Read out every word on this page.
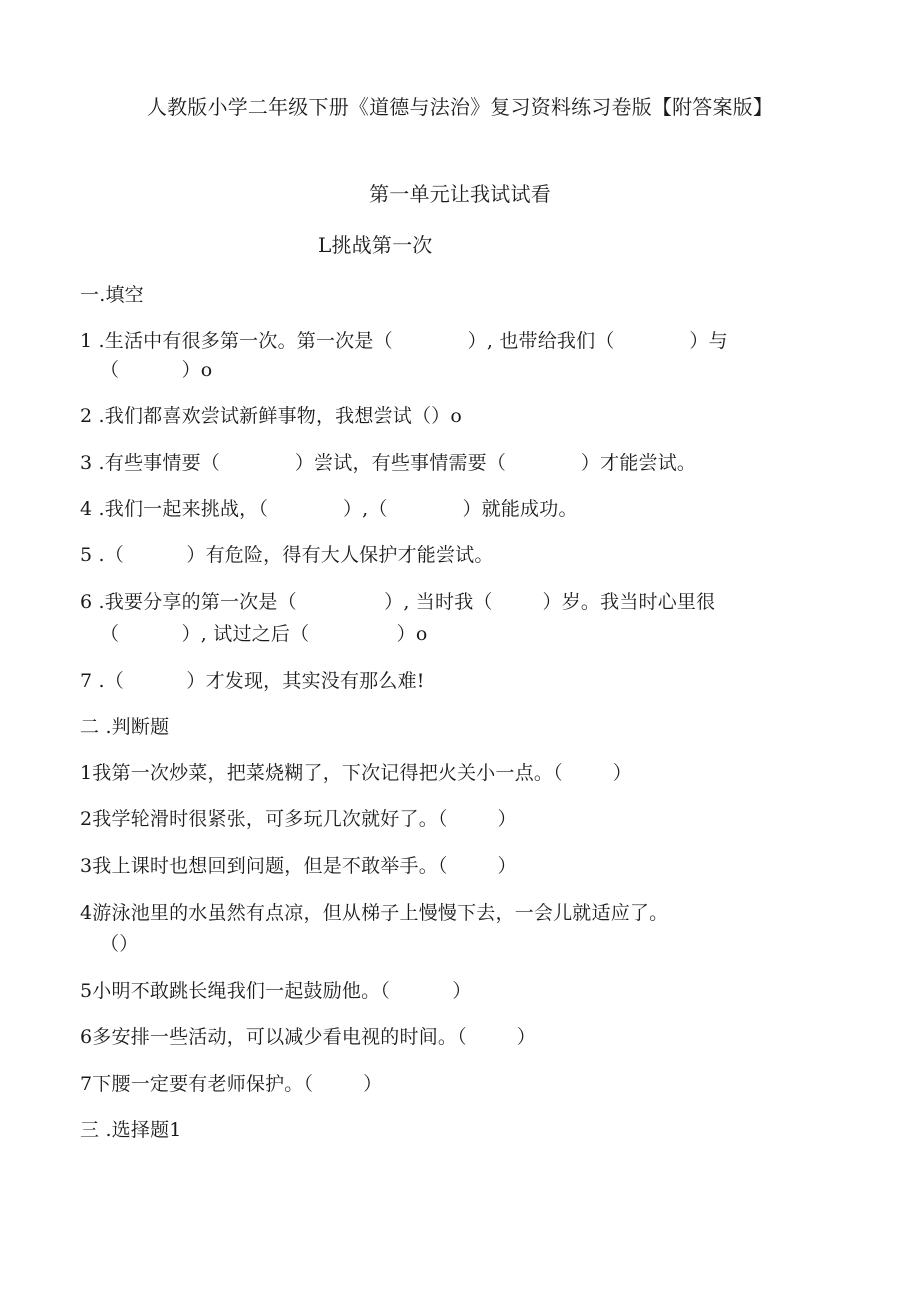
人教版小学二年级下册《道德与法治》复习资料练习卷版【附答案版】
第一单元让我试试看
L挑战第一次
一.填空
1 .生活中有很多第一次。第一次是（            ）, 也带给我们（            ）与
（          ）o
2 .我们都喜欢尝试新鲜事物，我想尝试（）o
3 .有些事情要（            ）尝试，有些事情需要（            ）才能尝试。
4 .我们一起来挑战，（            ）,（            ）就能成功。
5 .（          ）有危险，得有大人保护才能尝试。
6 .我要分享的第一次是（              ）, 当时我（        ）岁。我当时心里很
（          ）, 试过之后（              ）o
7 .（          ）才发现，其实没有那么难!
二 .判断题
1我第一次炒菜，把菜烧糊了，下次记得把火关小一点。（        ）
2我学轮滑时很紧张，可多玩几次就好了。（        ）
3我上课时也想回到问题，但是不敢举手。（        ）
4游泳池里的水虽然有点凉，但从梯子上慢慢下去，一会儿就适应了。
（）
5小明不敢跳长绳我们一起鼓励他。（          ）
6多安排一些活动，可以减少看电视的时间。（        ）
7下腰一定要有老师保护。（        ）
三 .选择题1
